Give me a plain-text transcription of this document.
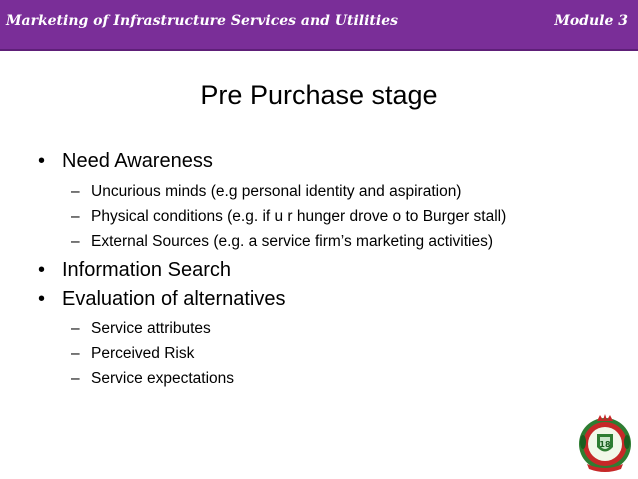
Marketing of Infrastructure Services and Utilities	Module 3
Pre Purchase stage
• Need Awareness
– Uncurious minds (e.g personal identity and aspiration)
– Physical conditions (e.g. if u r hunger drove o to Burger stall)
– External Sources (e.g. a service firm’s marketing activities)
• Information Search
• Evaluation of alternatives
– Service attributes
– Perceived Risk
– Service expectations
18
